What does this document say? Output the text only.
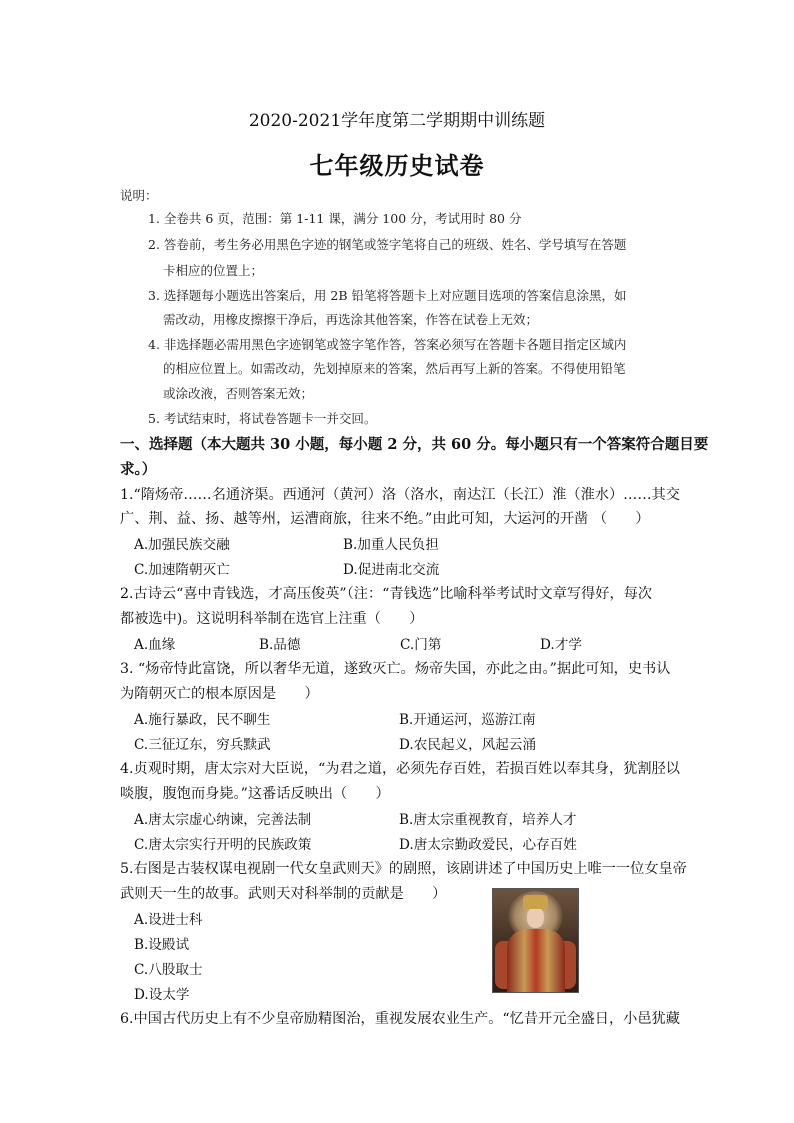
2020-2021学年度第二学期期中训练题
七年级历史试卷
说明：
1. 全卷共 6 页，范围：第 1-11 课，满分 100 分，考试用时 80 分
2. 答卷前，考生务必用黑色字迹的钢笔或签字笔将自己的班级、姓名、学号填写在答题
卡相应的位置上；
3. 选择题每小题选出答案后，用 2B 铅笔将答题卡上对应题目选项的答案信息涂黑，如
需改动，用橡皮擦擦干净后，再选涂其他答案，作答在试卷上无效；
4. 非选择题必需用黑色字迹钢笔或签字笔作答，答案必须写在答题卡各题目指定区域内
的相应位置上。如需改动，先划掉原来的答案，然后再写上新的答案。不得使用铅笔
或涂改液，否则答案无效；
5. 考试结束时，将试卷答题卡一并交回。
一、选择题（本大题共 30 小题，每小题 2 分，共 60 分。每小题只有一个答案符合题目要
求。）
1.“隋炀帝……名通济渠。西通河（黄河）洛（洛水，南达江（长江）淮（淮水）……其交
广、荆、益、扬、越等州，运漕商旅，往来不绝。”由此可知，大运河的开凿 （　　）
A.加强民族交融	B.加重人民负担
C.加速隋朝灭亡	D.促进南北交流
2.古诗云“喜中青钱选，才高压俊英”（注：“青钱选”比喻科举考试时文章写得好，每次
都被选中)。这说明科举制在选官上注重（　　）
A.血缘	B.品德	C.门第	D.才学
3. “炀帝恃此富饶，所以奢华无道，遂致灭亡。炀帝失国，亦此之由。”据此可知，史书认
为隋朝灭亡的根本原因是　　）
A.施行暴政，民不聊生	B.开通运河，巡游江南
C.三征辽东，穷兵黩武	D.农民起义，风起云涌
4.贞观时期，唐太宗对大臣说，“为君之道，必须先存百姓，若损百姓以奉其身，犹割胫以
啖腹，腹饱而身毙。”这番话反映出（　　）
A.唐太宗虚心纳谏，完善法制	B.唐太宗重视教育，培养人才
C.唐太宗实行开明的民族政策	D.唐太宗勤政爱民，心存百姓
5.右图是古装权谋电视剧一代女皇武则天》的剧照，该剧讲述了中国历史上唯一一位女皇帝
武则天一生的故事。武则天对科举制的贡献是　　）
A.设进士科
B.设殿试
C.八股取士
D.设太学
6.中国古代历史上有不少皇帝励精图治，重视发展农业生产。“忆昔开元全盛日，小邑犹藏
